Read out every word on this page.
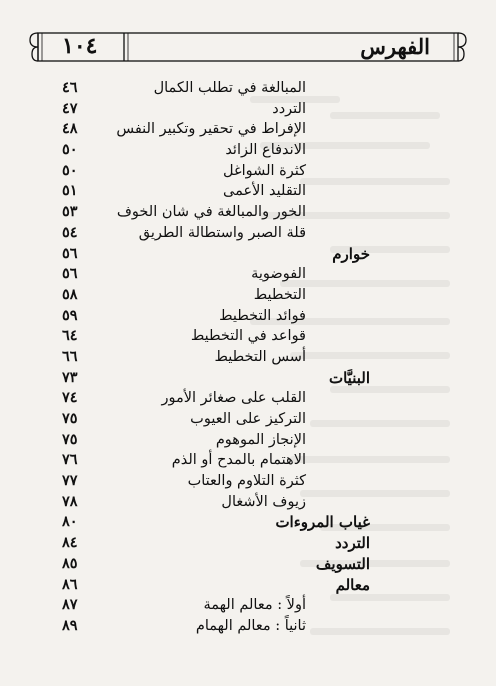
١٠٤	الفهرس
المبالغة في تطلب الكمال
٤٦
التردد
٤٧
الإفراط في تحقير وتكبير النفس
٤٨
الاندفاع الزائد
٥٠
كثرة الشواغل
٥٠
التقليد الأعمى
٥١
الخور والمبالغة في شان الخوف
٥٣
قلة الصبر واستطالة الطريق
٥٤
خوارم
٥٦
الفوضوية
٥٦
التخطيط
٥٨
فوائد التخطيط
٥٩
قواعد في التخطيط
٦٤
أسس التخطيط
٦٦
البنيَّات
٧٣
القلب على صغائر الأمور
٧٤
التركيز على العيوب
٧٥
الإنجاز الموهوم
٧٥
الاهتمام بالمدح أو الذم
٧٦
كثرة التلاوم والعتاب
٧٧
زيوف الأشغال
٧٨
غياب المروءات
٨٠
التردد
٨٤
التسويف
٨٥
معالم
٨٦
أولاً : معالم الهمة
٨٧
ثانياً : معالم الهمام
٨٩
